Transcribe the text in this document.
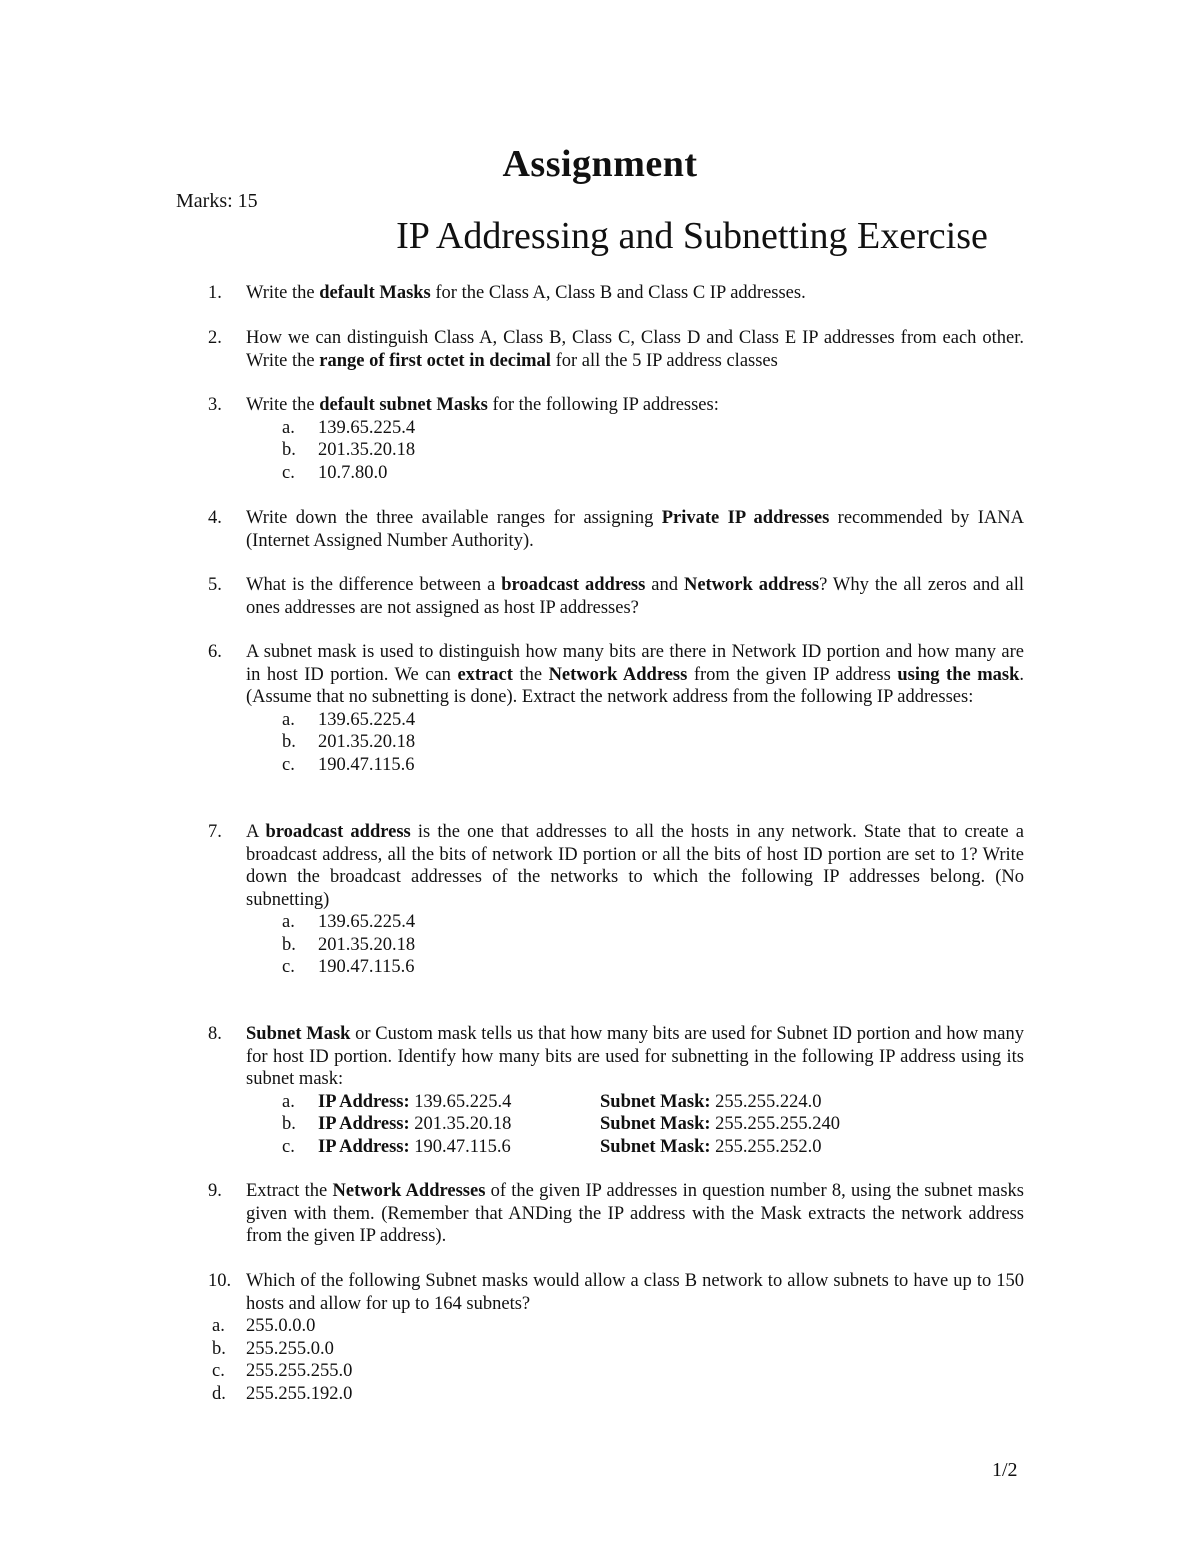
Assignment
Marks: 15
IP Addressing and Subnetting Exercise
1.	Write the default Masks for the Class A, Class B and Class C IP addresses.
2.	How we can distinguish Class A, Class B, Class C, Class D and Class E IP addresses from each other. Write the range of first octet in decimal for all the 5 IP address classes
3.	Write the default subnet Masks for the following IP addresses:
a. 139.65.225.4
b. 201.35.20.18
c. 10.7.80.0
4.	Write down the three available ranges for assigning Private IP addresses recommended by IANA (Internet Assigned Number Authority).
5.	What is the difference between a broadcast address and Network address? Why the all zeros and all ones addresses are not assigned as host IP addresses?
6.	A subnet mask is used to distinguish how many bits are there in Network ID portion and how many are in host ID portion. We can extract the Network Address from the given IP address using the mask. (Assume that no subnetting is done). Extract the network address from the following IP addresses:
a. 139.65.225.4
b. 201.35.20.18
c. 190.47.115.6
7.	A broadcast address is the one that addresses to all the hosts in any network. State that to create a broadcast address, all the bits of network ID portion or all the bits of host ID portion are set to 1? Write down the broadcast addresses of the networks to which the following IP addresses belong. (No subnetting)
a. 139.65.225.4
b. 201.35.20.18
c. 190.47.115.6
8.	Subnet Mask or Custom mask tells us that how many bits are used for Subnet ID portion and how many for host ID portion. Identify how many bits are used for subnetting in the following IP address using its subnet mask:
a. IP Address: 139.65.225.4	Subnet Mask: 255.255.224.0
b. IP Address: 201.35.20.18	Subnet Mask: 255.255.255.240
c. IP Address: 190.47.115.6	Subnet Mask: 255.255.252.0
9.	Extract the Network Addresses of the given IP addresses in question number 8, using the subnet masks given with them. (Remember that ANDing the IP address with the Mask extracts the network address from the given IP address).
10. Which of the following Subnet masks would allow a class B network to allow subnets to have up to 150 hosts and allow for up to 164 subnets?
a. 255.0.0.0
b. 255.255.0.0
c. 255.255.255.0
d. 255.255.192.0
1/2
